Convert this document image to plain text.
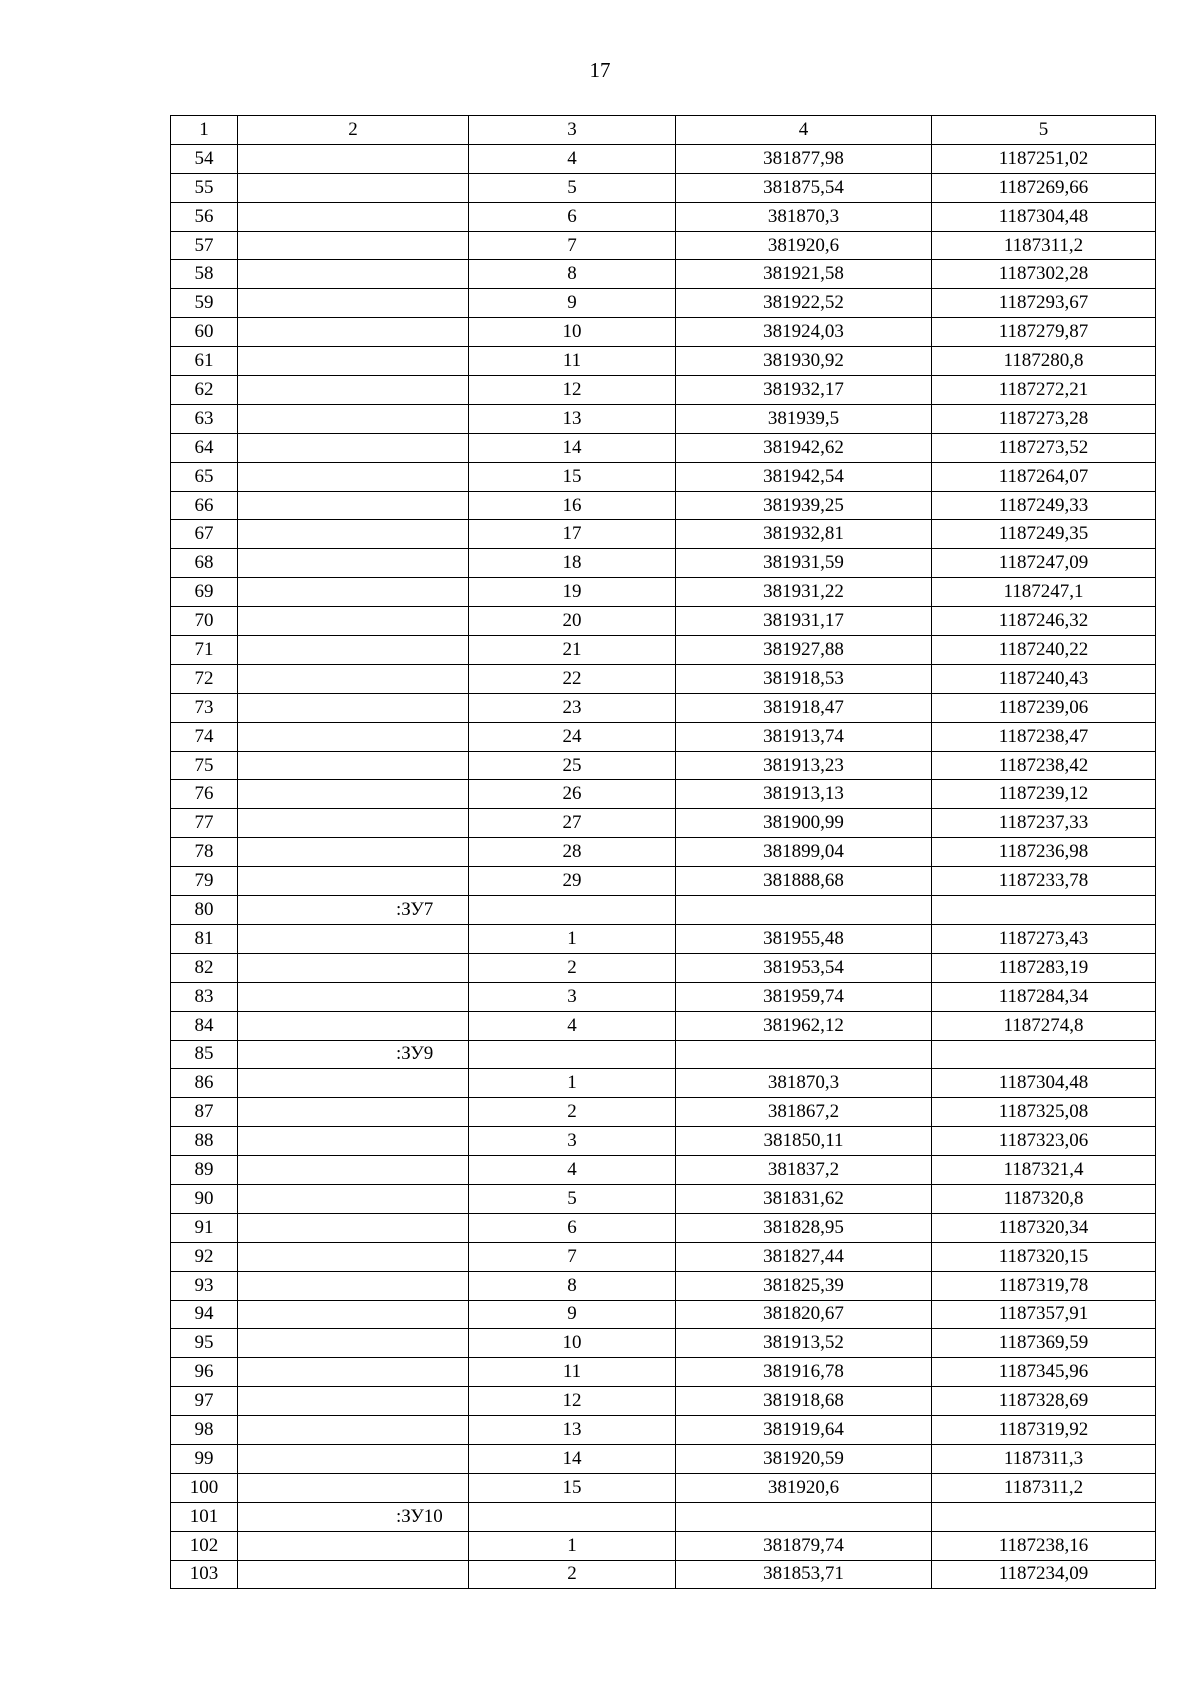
17
1	2	3	4	5
54		4	381877,98	1187251,02
55		5	381875,54	1187269,66
56		6	381870,3	1187304,48
57		7	381920,6	1187311,2
58		8	381921,58	1187302,28
59		9	381922,52	1187293,67
60		10	381924,03	1187279,87
61		11	381930,92	1187280,8
62		12	381932,17	1187272,21
63		13	381939,5	1187273,28
64		14	381942,62	1187273,52
65		15	381942,54	1187264,07
66		16	381939,25	1187249,33
67		17	381932,81	1187249,35
68		18	381931,59	1187247,09
69		19	381931,22	1187247,1
70		20	381931,17	1187246,32
71		21	381927,88	1187240,22
72		22	381918,53	1187240,43
73		23	381918,47	1187239,06
74		24	381913,74	1187238,47
75		25	381913,23	1187238,42
76		26	381913,13	1187239,12
77		27	381900,99	1187237,33
78		28	381899,04	1187236,98
79		29	381888,68	1187233,78
80	:ЗУ7			
81		1	381955,48	1187273,43
82		2	381953,54	1187283,19
83		3	381959,74	1187284,34
84		4	381962,12	1187274,8
85	:ЗУ9			
86		1	381870,3	1187304,48
87		2	381867,2	1187325,08
88		3	381850,11	1187323,06
89		4	381837,2	1187321,4
90		5	381831,62	1187320,8
91		6	381828,95	1187320,34
92		7	381827,44	1187320,15
93		8	381825,39	1187319,78
94		9	381820,67	1187357,91
95		10	381913,52	1187369,59
96		11	381916,78	1187345,96
97		12	381918,68	1187328,69
98		13	381919,64	1187319,92
99		14	381920,59	1187311,3
100		15	381920,6	1187311,2
101	:ЗУ10			
102		1	381879,74	1187238,16
103		2	381853,71	1187234,09
